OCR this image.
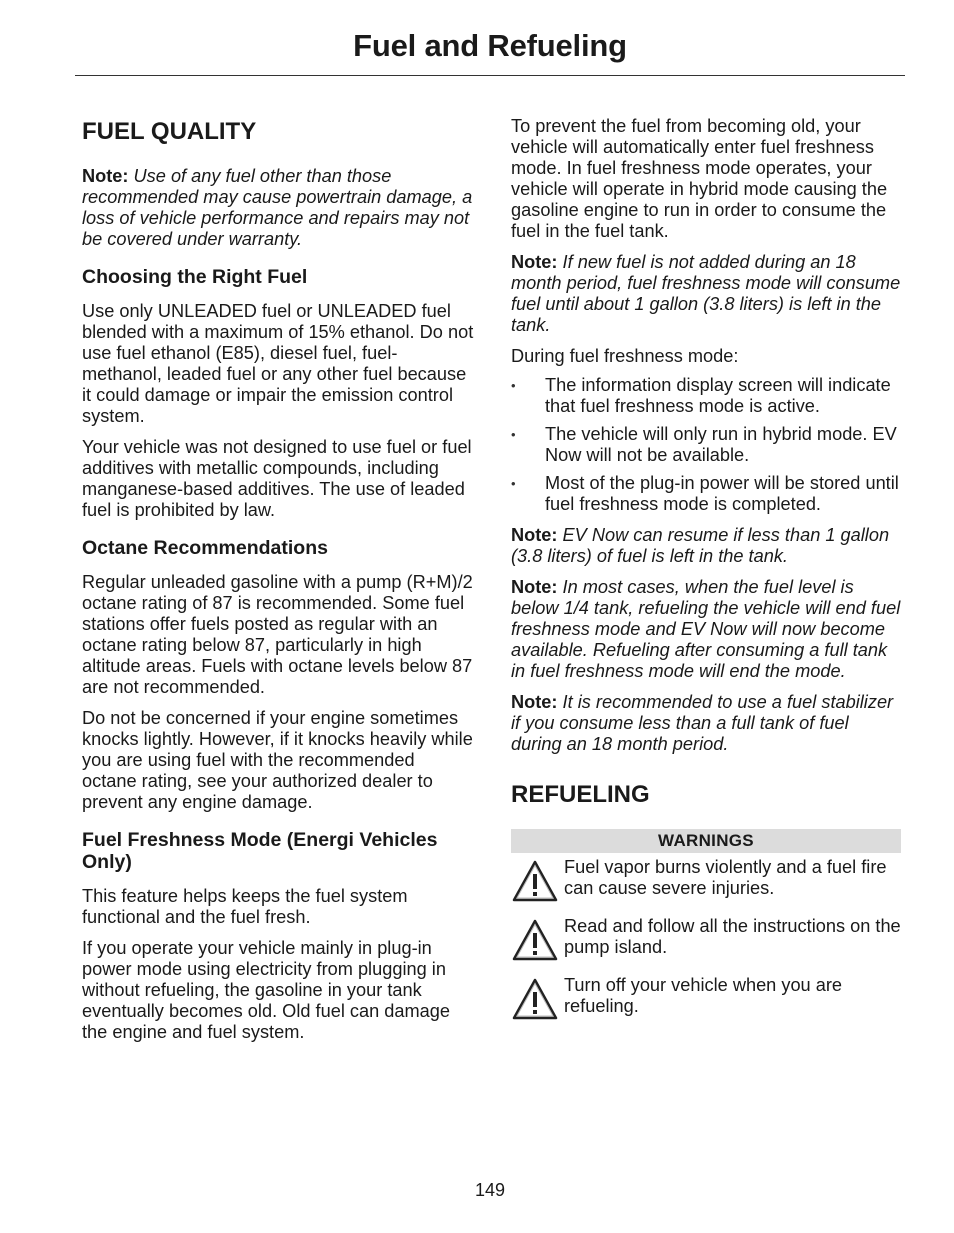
Fuel and Refueling
FUEL QUALITY

Note: Use of any fuel other than those recommended may cause powertrain damage, a loss of vehicle performance and repairs may not be covered under warranty.

Choosing the Right Fuel

Use only UNLEADED fuel or UNLEADED fuel blended with a maximum of 15% ethanol. Do not use fuel ethanol (E85), diesel fuel, fuel-methanol, leaded fuel or any other fuel because it could damage or impair the emission control system.

Your vehicle was not designed to use fuel or fuel additives with metallic compounds, including manganese-based additives. The use of leaded fuel is prohibited by law.

Octane Recommendations

Regular unleaded gasoline with a pump (R+M)/2 octane rating of 87 is recommended. Some fuel stations offer fuels posted as regular with an octane rating below 87, particularly in high altitude areas. Fuels with octane levels below 87 are not recommended.

Do not be concerned if your engine sometimes knocks lightly. However, if it knocks heavily while you are using fuel with the recommended octane rating, see your authorized dealer to prevent any engine damage.

Fuel Freshness Mode (Energi Vehicles Only)

This feature helps keeps the fuel system functional and the fuel fresh.

If you operate your vehicle mainly in plug-in power mode using electricity from plugging in without refueling, the gasoline in your tank eventually becomes old. Old fuel can damage the engine and fuel system.

To prevent the fuel from becoming old, your vehicle will automatically enter fuel freshness mode. In fuel freshness mode operates, your vehicle will operate in hybrid mode causing the gasoline engine to run in order to consume the fuel in the fuel tank.

Note: If new fuel is not added during an 18 month period, fuel freshness mode will consume fuel until about 1 gallon (3.8 liters) is left in the tank.

During fuel freshness mode:

• The information display screen will indicate that fuel freshness mode is active.
• The vehicle will only run in hybrid mode. EV Now will not be available.
• Most of the plug-in power will be stored until fuel freshness mode is completed.

Note: EV Now can resume if less than 1 gallon (3.8 liters) of fuel is left in the tank.

Note: In most cases, when the fuel level is below 1/4 tank, refueling the vehicle will end fuel freshness mode and EV Now will now become available. Refueling after consuming a full tank in fuel freshness mode will end the mode.

Note: It is recommended to use a fuel stabilizer if you consume less than a full tank of fuel during an 18 month period.

REFUELING
WARNINGS
Fuel vapor burns violently and a fuel fire can cause severe injuries.
Read and follow all the instructions on the pump island.
Turn off your vehicle when you are refueling.
149
